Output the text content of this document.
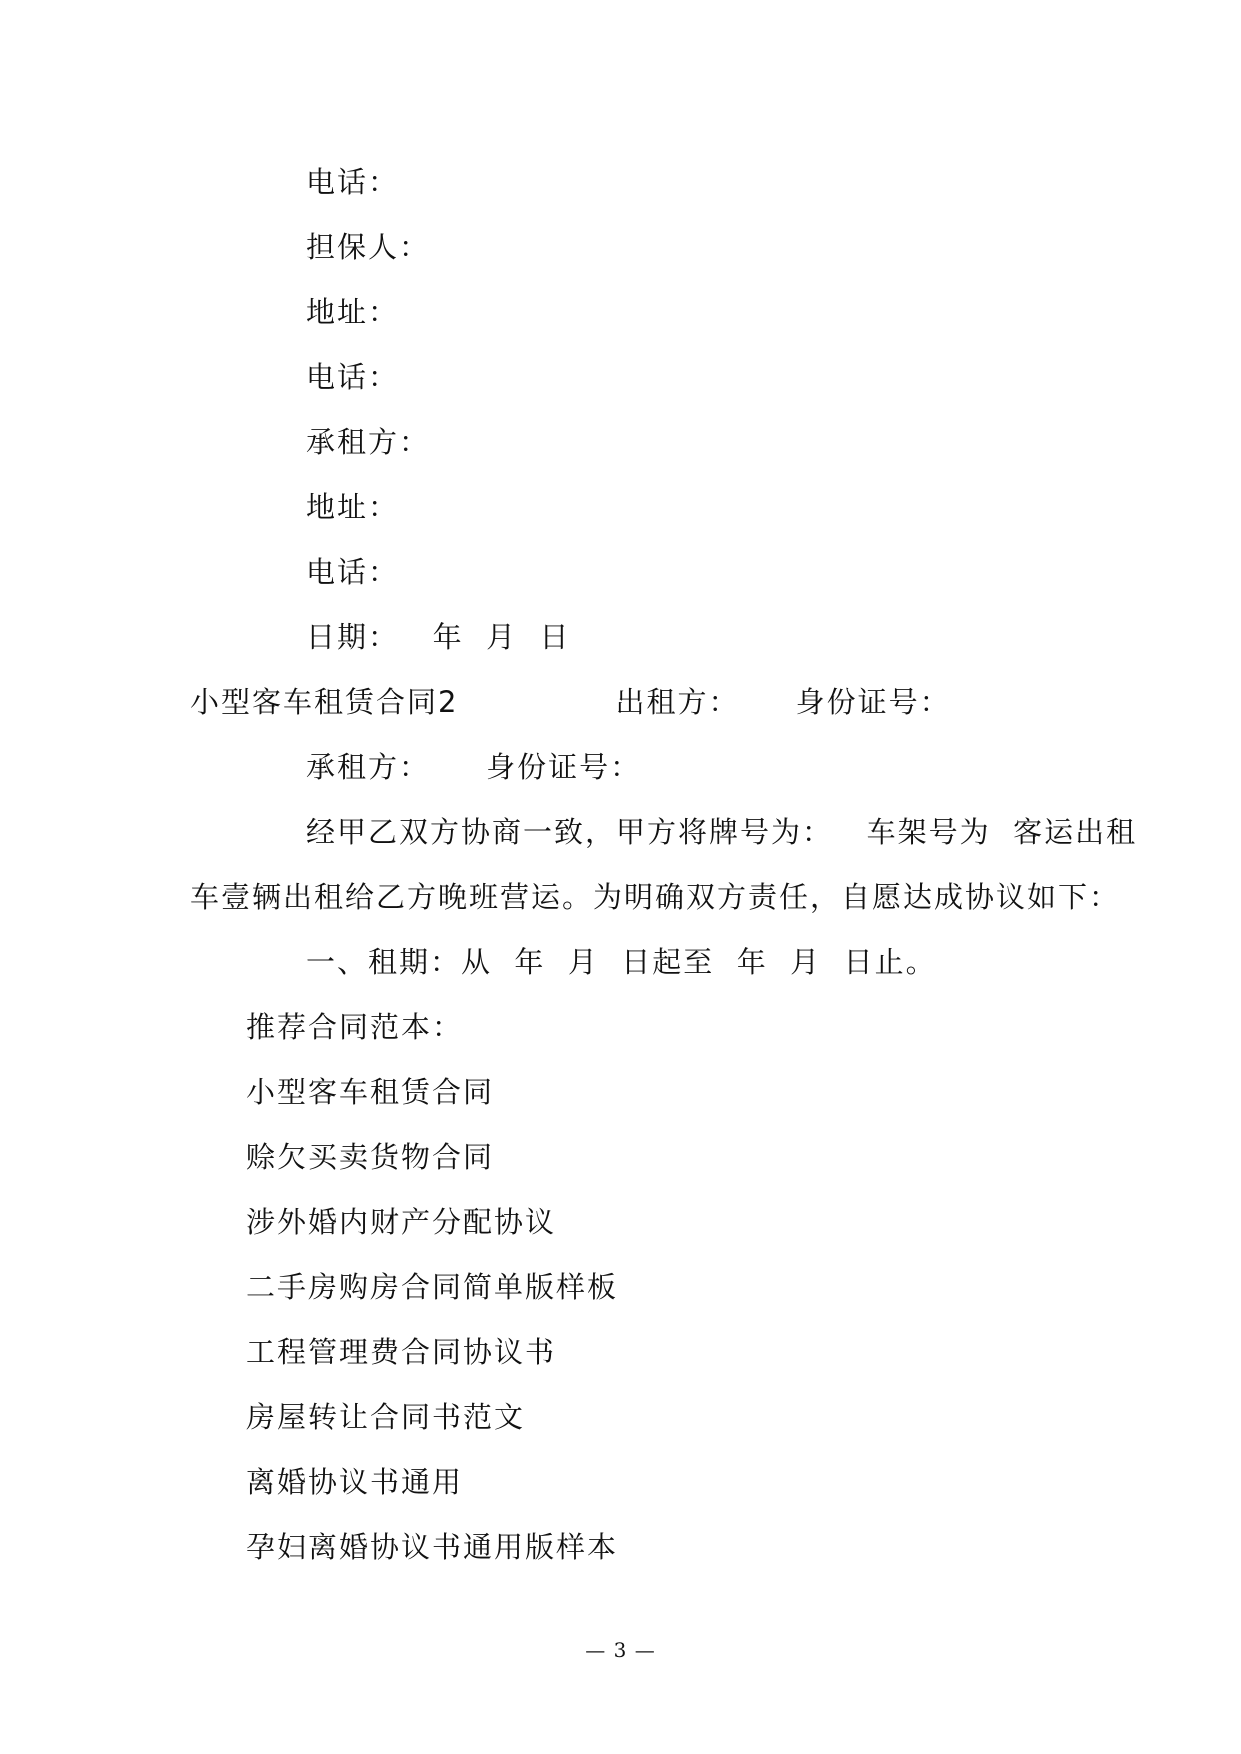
电话：
担保人：
地址：
电话：
承租方：
地址：
电话：
日期：   年  月  日
小型客车租赁合同2              出租方：     身份证号：
承租方：     身份证号：
经甲乙双方协商一致，甲方将牌号为：   车架号为  客运出租
车壹辆出租给乙方晚班营运。为明确双方责任，自愿达成协议如下：
一、租期：从  年  月  日起至  年  月  日止。
推荐合同范本：
小型客车租赁合同
赊欠买卖货物合同
涉外婚内财产分配协议
二手房购房合同简单版样板
工程管理费合同协议书
房屋转让合同书范文
离婚协议书通用
孕妇离婚协议书通用版样本
— 3 —
